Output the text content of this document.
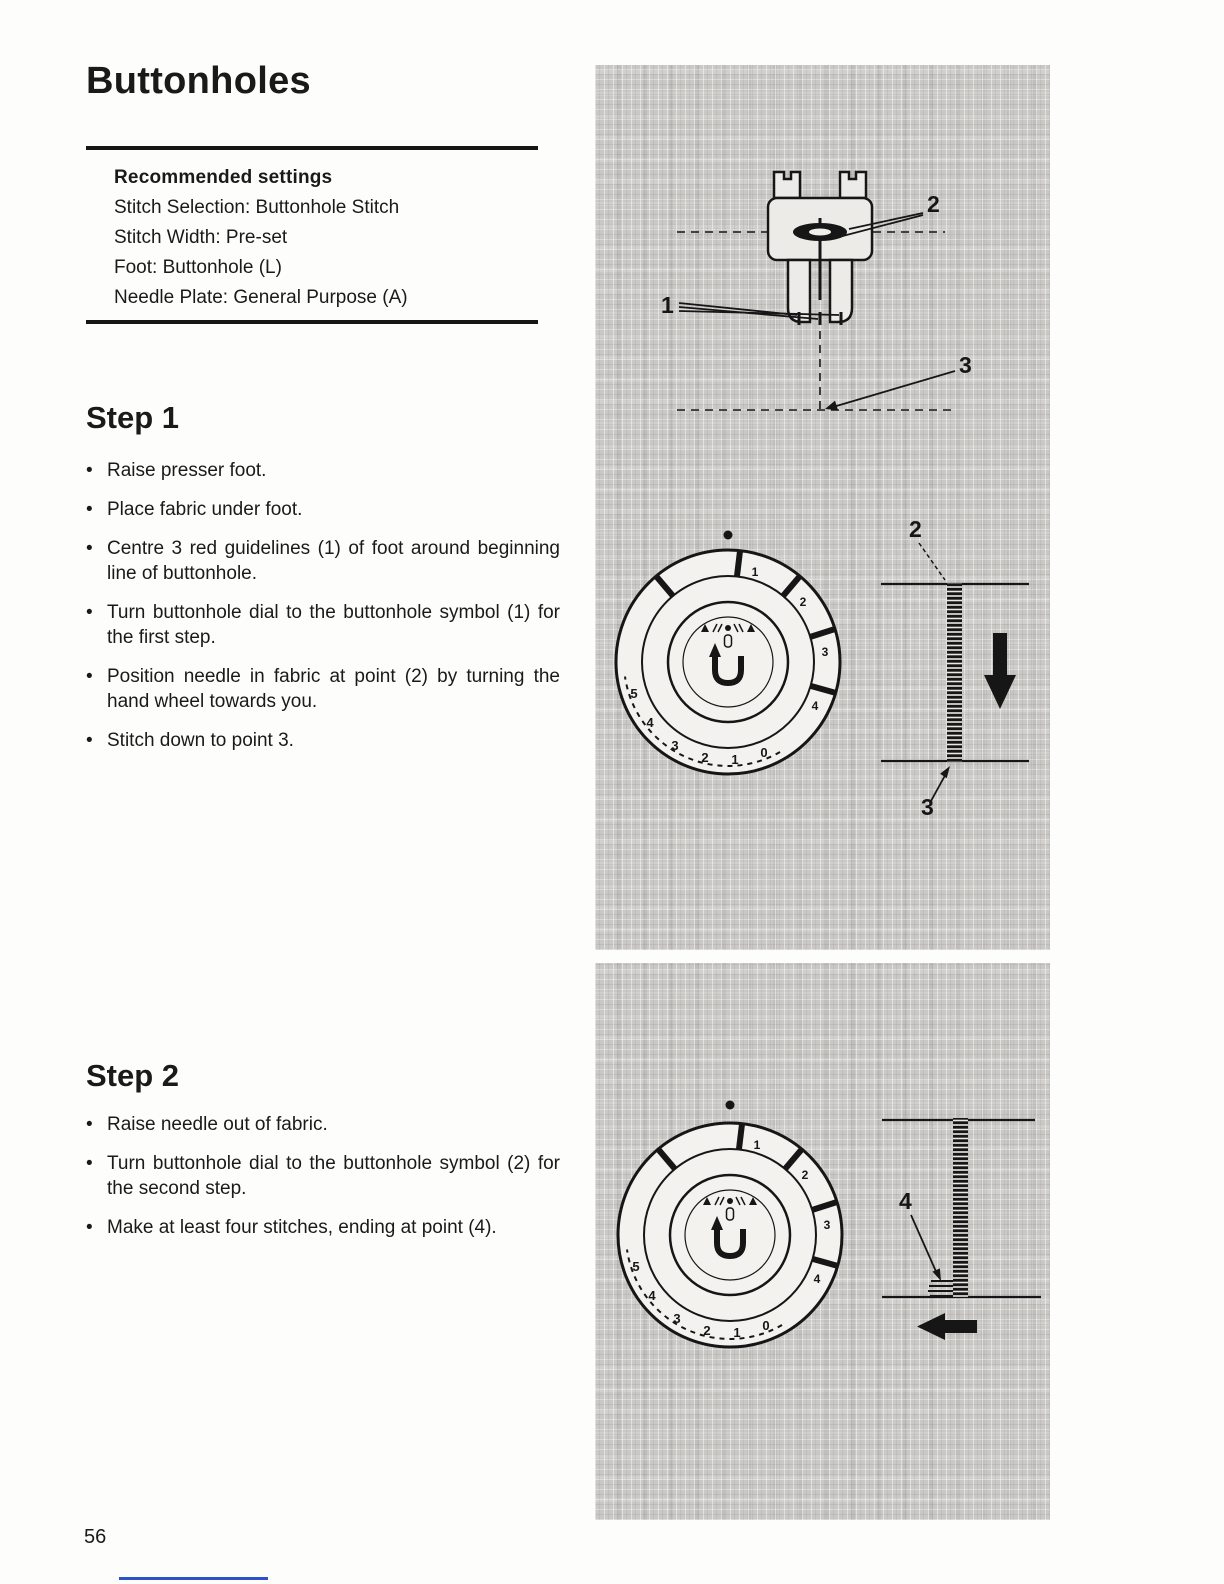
Buttonholes
Recommended settings
Stitch Selection: Buttonhole Stitch
Stitch Width: Pre-set
Foot: Buttonhole (L)
Needle Plate: General Purpose (A)
Step 1
• Raise presser foot.
• Place fabric under foot.
• Centre 3 red guidelines (1) of foot around beginning line of buttonhole.
• Turn buttonhole dial to the buttonhole symbol (1) for the first step.
• Position needle in fabric at point (2) by turning the hand wheel towards you.
• Stitch down to point 3.
Step 2
• Raise needle out of fabric.
• Turn buttonhole dial to the buttonhole symbol (2) for the second step.
• Make at least four stitches, ending at point (4).
56
1
2
3
1
2
3
4
5
4
3
2 1 0
2
3
1
2
3
4
5
4
3
2 1 0
4
